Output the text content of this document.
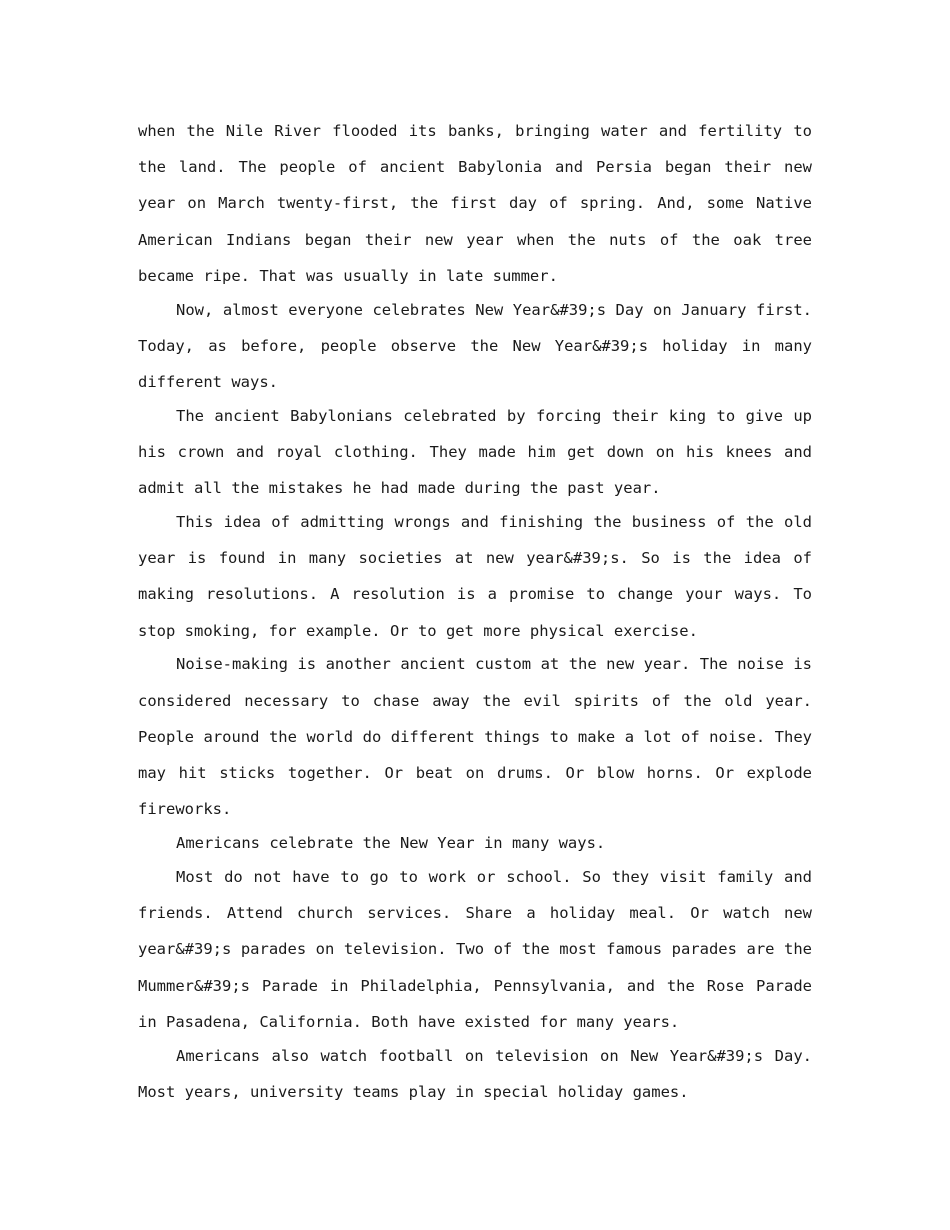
when the Nile River flooded its banks, bringing water and fertility to the land. The people of ancient Babylonia and Persia began their new year on March twenty-first, the first day of spring. And, some Native American Indians began their new year when the nuts of the oak tree became ripe. That was usually in late summer.

Now, almost everyone celebrates New Year&#39;s Day on January first. Today, as before, people observe the New Year&#39;s holiday in many different ways.

The ancient Babylonians celebrated by forcing their king to give up his crown and royal clothing. They made him get down on his knees and admit all the mistakes he had made during the past year.

This idea of admitting wrongs and finishing the business of the old year is found in many societies at new year&#39;s. So is the idea of making resolutions. A resolution is a promise to change your ways. To stop smoking, for example. Or to get more physical exercise.

Noise-making is another ancient custom at the new year. The noise is considered necessary to chase away the evil spirits of the old year. People around the world do different things to make a lot of noise. They may hit sticks together. Or beat on drums. Or blow horns. Or explode fireworks.

Americans celebrate the New Year in many ways.

Most do not have to go to work or school. So they visit family and friends. Attend church services. Share a holiday meal. Or watch new year&#39;s parades on television. Two of the most famous parades are the Mummer&#39;s Parade in Philadelphia, Pennsylvania, and the Rose Parade in Pasadena, California. Both have existed for many years.

Americans also watch football on television on New Year&#39;s Day. Most years, university teams play in special holiday games.
